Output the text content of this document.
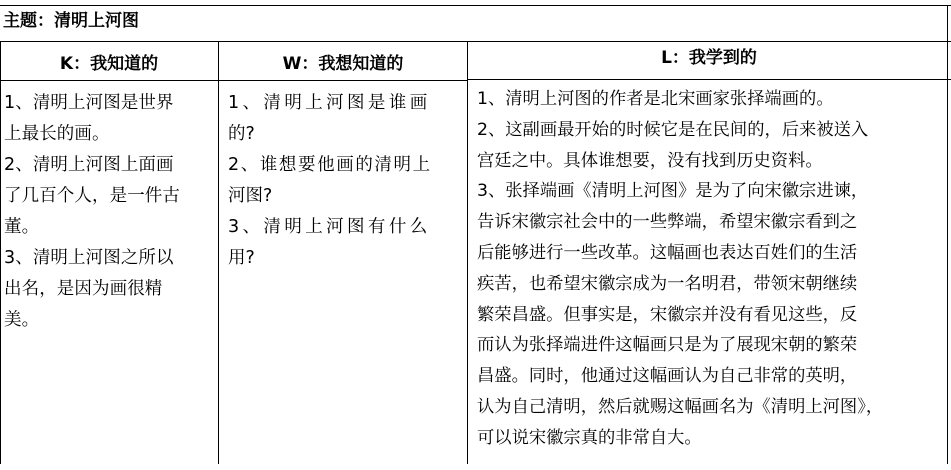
主题：清明上河图
K：我知道的	W：我想知道的	L：我学到的
1、清明上河图是世界
上最长的画。
2、清明上河图上面画
了几百个人，是一件古
董。
3、清明上河图之所以
出名，是因为画很精
美。
1、清明上河图是谁画
的?
2、谁想要他画的清明上
河图?
3、清明上河图有什么
用?
1、清明上河图的作者是北宋画家张择端画的。
2、这副画最开始的时候它是在民间的，后来被送入
宫廷之中。具体谁想要，没有找到历史资料。
3、张择端画《清明上河图》是为了向宋徽宗进谏，
告诉宋徽宗社会中的一些弊端，希望宋徽宗看到之
后能够进行一些改革。这幅画也表达百姓们的生活
疾苦，也希望宋徽宗成为一名明君，带领宋朝继续
繁荣昌盛。但事实是，宋徽宗并没有看见这些，反
而认为张择端进件这幅画只是为了展现宋朝的繁荣
昌盛。同时，他通过这幅画认为自己非常的英明，
认为自己清明，然后就赐这幅画名为《清明上河图》，
可以说宋徽宗真的非常自大。
